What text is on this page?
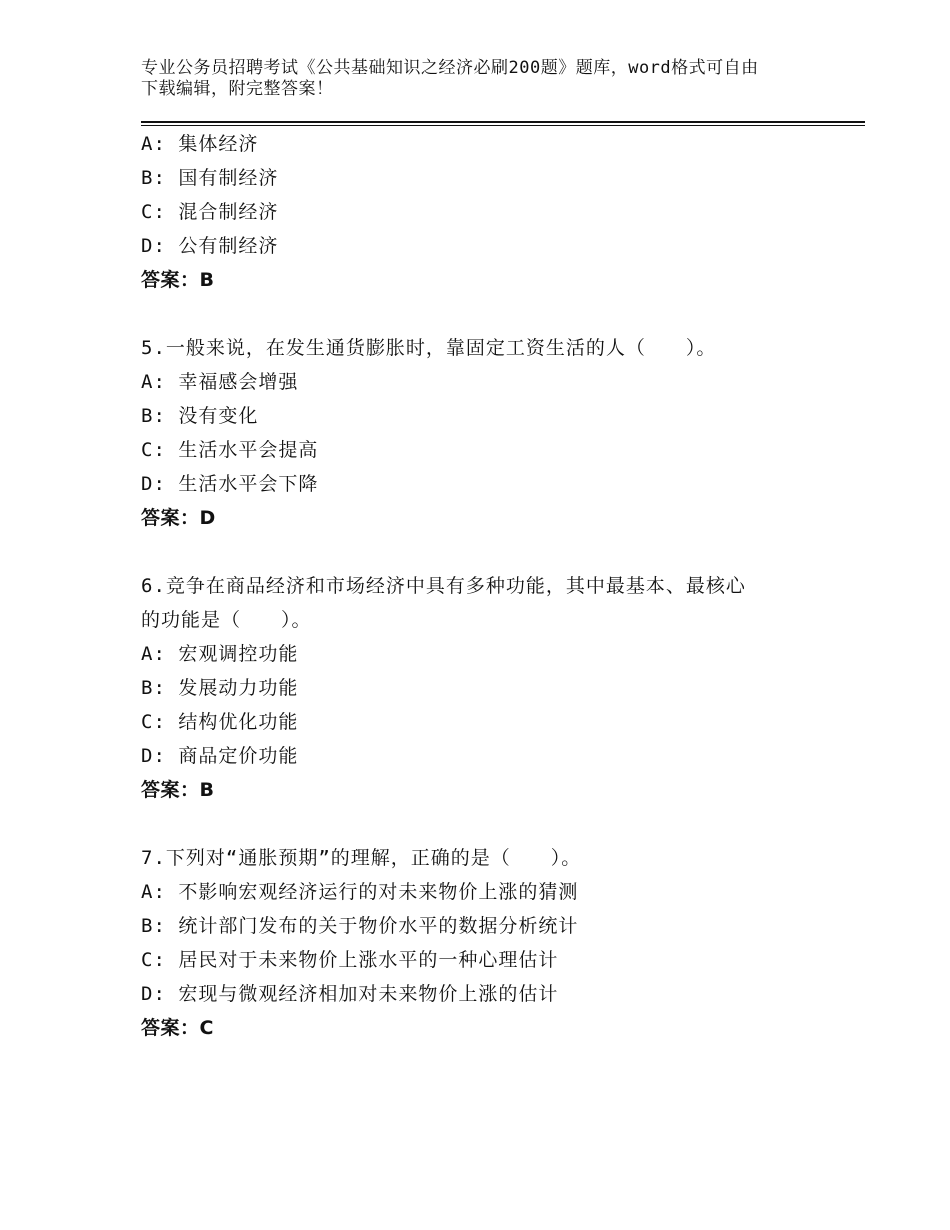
专业公务员招聘考试《公共基础知识之经济必刷200题》题库，word格式可自由
下载编辑，附完整答案！
A: 集体经济
B: 国有制经济
C: 混合制经济
D: 公有制经济
答案：B
5.一般来说，在发生通货膨胀时，靠固定工资生活的人（　　）。
A: 幸福感会增强
B: 没有变化
C: 生活水平会提高
D: 生活水平会下降
答案：D
6.竞争在商品经济和市场经济中具有多种功能，其中最基本、最核心
的功能是（　　）。
A: 宏观调控功能
B: 发展动力功能
C: 结构优化功能
D: 商品定价功能
答案：B
7.下列对“通胀预期”的理解，正确的是（　　）。
A: 不影响宏观经济运行的对未来物价上涨的猜测
B: 统计部门发布的关于物价水平的数据分析统计
C: 居民对于未来物价上涨水平的一种心理估计
D: 宏现与微观经济相加对未来物价上涨的估计
答案：C
